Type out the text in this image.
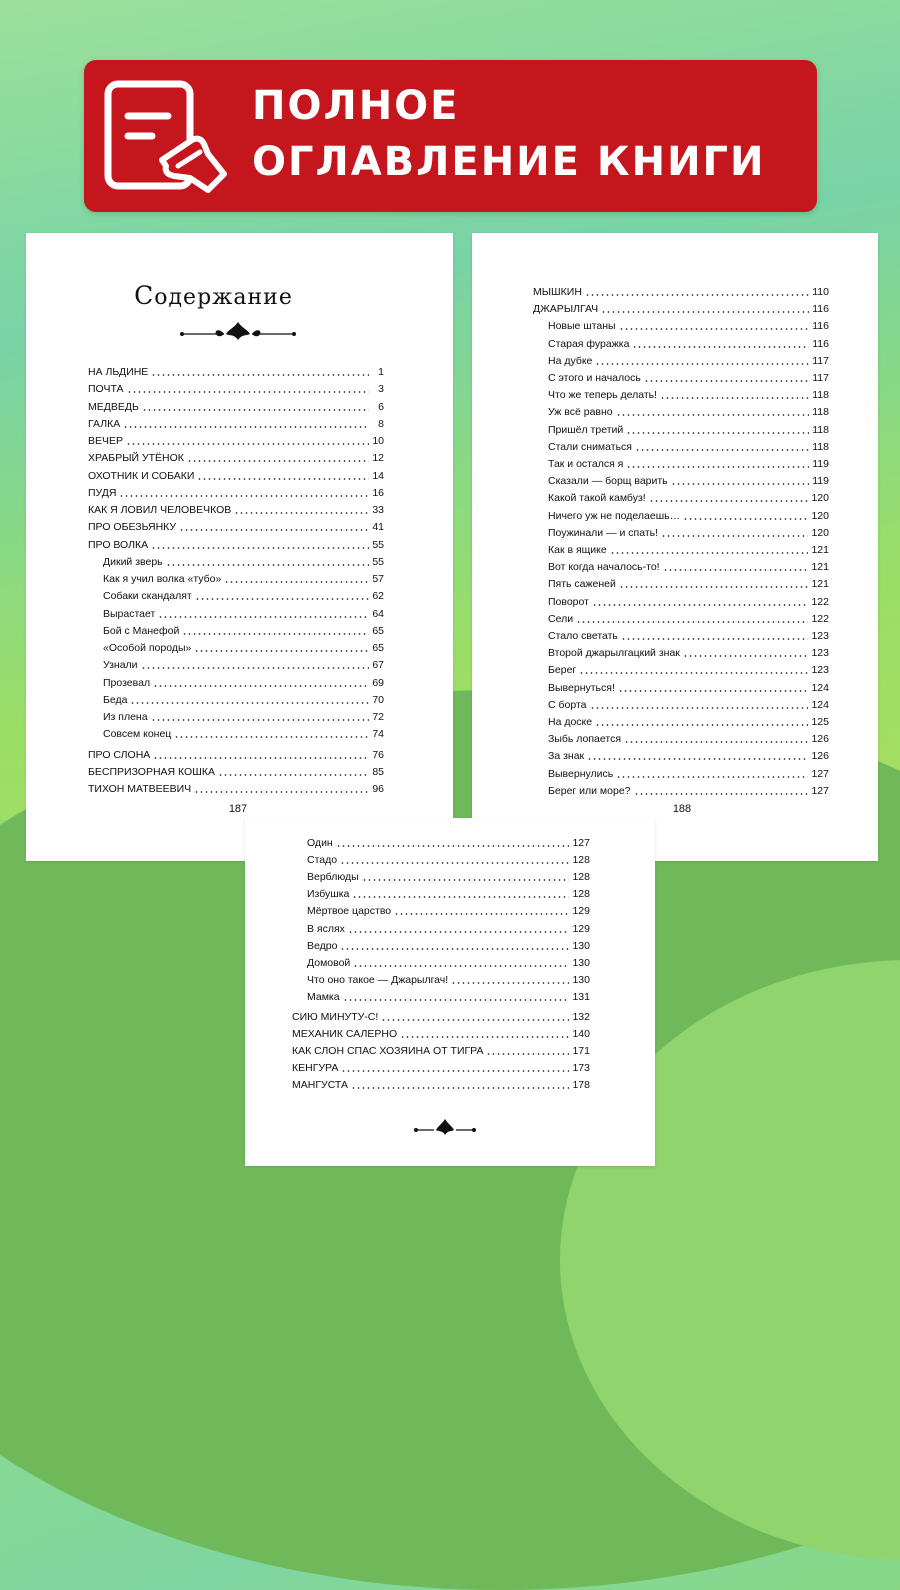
ПОЛНОЕ
ОГЛАВЛЕНИЕ КНИГИ
Содержание
НА ЛЬДИНЕ	1
ПОЧТА	3
МЕДВЕДЬ	6
ГАЛКА	8
ВЕЧЕР	10
ХРАБРЫЙ УТЁНОК	12
ОХОТНИК И СОБАКИ	14
ПУДЯ	16
КАК Я ЛОВИЛ ЧЕЛОВЕЧКОВ	33
ПРО ОБЕЗЬЯНКУ	41
ПРО ВОЛКА	55
Дикий зверь	55
Как я учил волка «тубо»	57
Собаки скандалят	62
Вырастает	64
Бой с Манефой	65
«Особой породы»	65
Узнали	67
Прозевал	69
Беда	70
Из плена	72
Совсем конец	74
ПРО СЛОНА	76
БЕСПРИЗОРНАЯ КОШКА	85
ТИХОН МАТВЕЕВИЧ	96
187
МЫШКИН	110
ДЖАРЫЛГАЧ	116
Новые штаны	116
Старая фуражка	116
На дубке	117
С этого и началось	117
Что же теперь делать!	118
Уж всё равно	118
Пришёл третий	118
Стали сниматься	118
Так и остался я	119
Сказали — борщ варить	119
Какой такой камбуз!	120
Ничего уж не поделаешь…	120
Поужинали — и спать!	120
Как в ящике	121
Вот когда началось-то!	121
Пять саженей	121
Поворот	122
Сели	122
Стало светать	123
Второй джарылгацкий знак	123
Берег	123
Вывернуться!	124
С борта	124
На доске	125
Зыбь лопается	126
За знак	126
Вывернулись	127
Берег или море?	127
188
Один	127
Стадо	128
Верблюды	128
Избушка	128
Мёртвое царство	129
В яслях	129
Ведро	130
Домовой	130
Что оно такое — Джарылгач!	130
Мамка	131
СИЮ МИНУТУ-С!	132
МЕХАНИК САЛЕРНО	140
КАК СЛОН СПАС ХОЗЯИНА ОТ ТИГРА	171
КЕНГУРА	173
МАНГУСТА	178
